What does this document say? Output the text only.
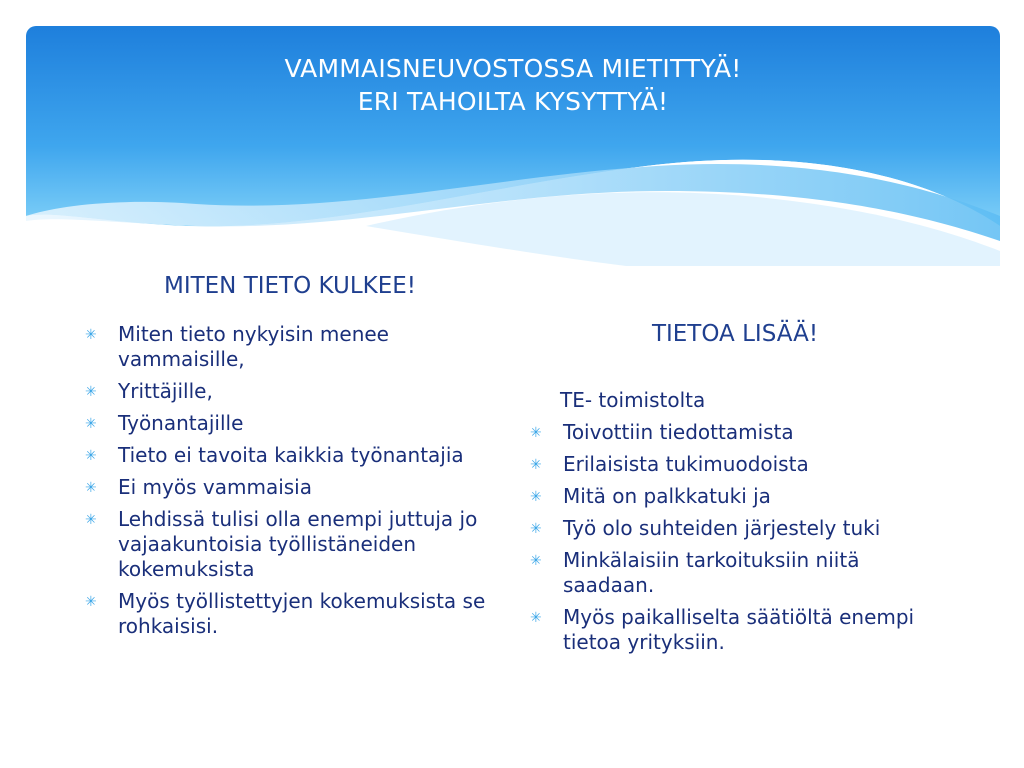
VAMMAISNEUVOSTOSSA MIETITTYÄ!
ERI TAHOILTA KYSYTTYÄ!
MITEN TIETO KULKEE!
✳ Miten tieto nykyisin menee vammaisille,
✳ Yrittäjille,
✳ Työnantajille
✳ Tieto ei tavoita kaikkia työnantajia
✳ Ei myös vammaisia
✳ Lehdissä tulisi olla enempi juttuja jo vajaakuntoisia työllistäneiden kokemuksista
✳ Myös työllistettyjen kokemuksista se rohkaisisi.
TIETOA LISÄÄ!
TE- toimistolta
✳ Toivottiin tiedottamista
✳ Erilaisista tukimuodoista
✳ Mitä on palkkatuki ja
✳ Työ olo suhteiden järjestely tuki
✳ Minkälaisiin tarkoituksiin niitä saadaan.
✳ Myös paikalliselta säätiöltä enempi tietoa yrityksiin.
